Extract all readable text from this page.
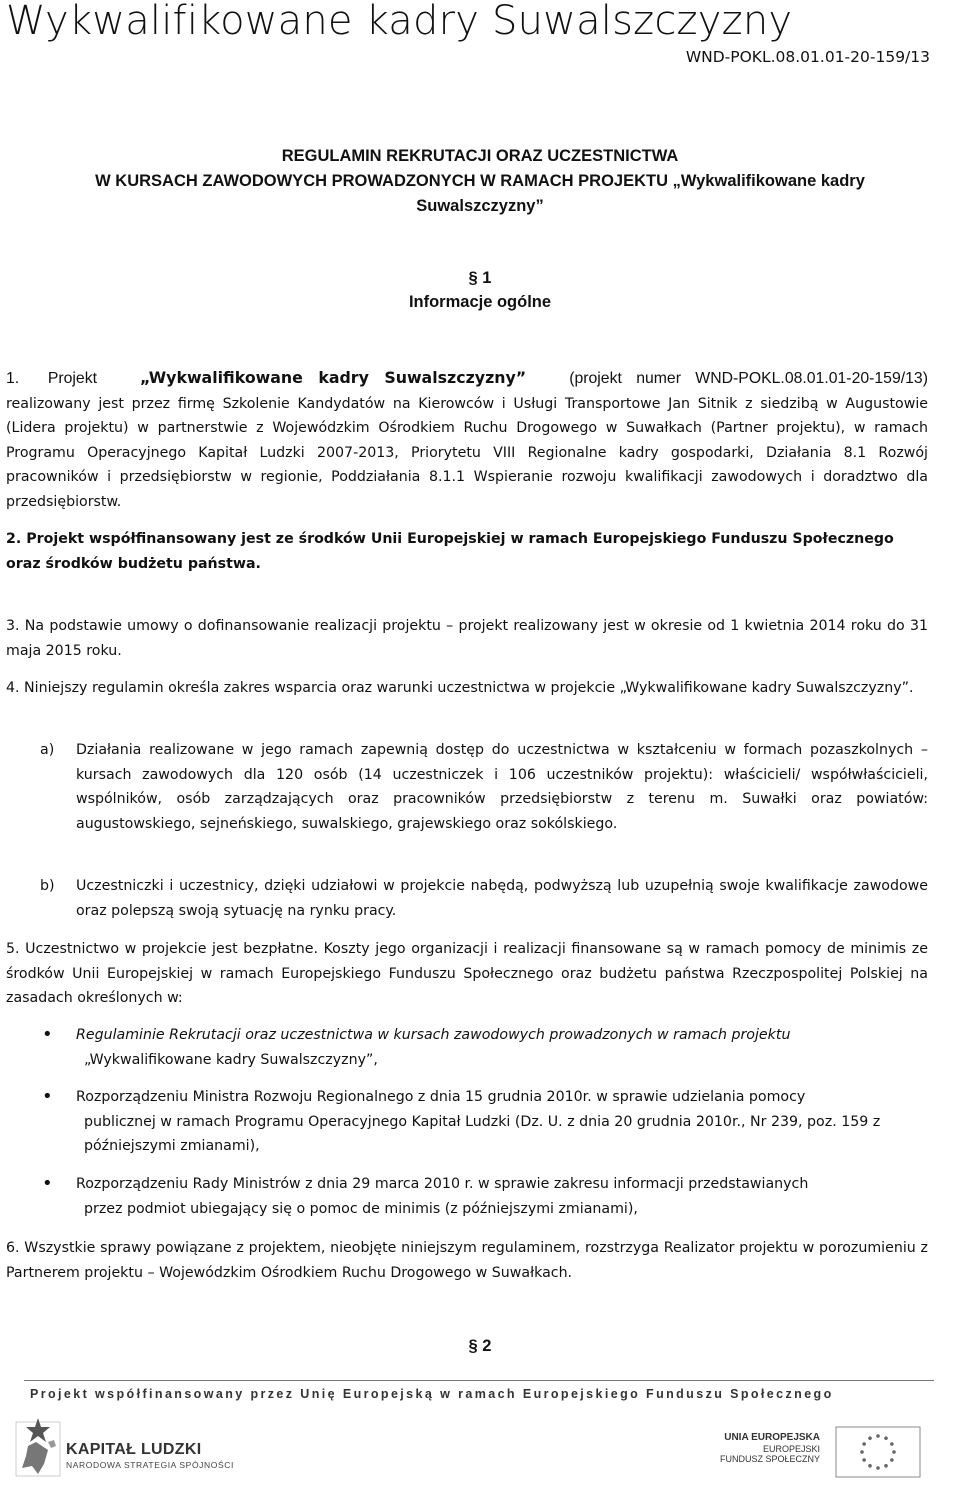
Wykwalifikowane kadry Suwalszczyzny
WND-POKL.08.01.01-20-159/13
REGULAMIN REKRUTACJI ORAZ UCZESTNICTWA
W KURSACH ZAWODOWYCH PROWADZONYCH W RAMACH PROJEKTU „Wykwalifikowane kadry
Suwalszczyzny”
§ 1
Informacje ogólne
1. Projekt	„Wykwalifikowane kadry Suwalszczyzny”	(projekt numer WND-POKL.08.01.01-20-159/13)
realizowany jest przez firmę Szkolenie Kandydatów na Kierowców i Usługi Transportowe Jan Sitnik z siedzibą w Augustowie (Lidera projektu) w partnerstwie z Wojewódzkim Ośrodkiem Ruchu Drogowego w Suwałkach (Partner projektu), w ramach Programu Operacyjnego Kapitał Ludzki 2007-2013, Priorytetu VIII Regionalne kadry gospodarki, Działania 8.1 Rozwój pracowników i przedsiębiorstw w regionie, Poddziałania 8.1.1 Wspieranie rozwoju kwalifikacji zawodowych i doradztwo dla przedsiębiorstw.
2. Projekt współfinansowany jest ze środków Unii Europejskiej w ramach Europejskiego Funduszu Społecznego
oraz środków budżetu państwa.
3. Na podstawie umowy o dofinansowanie realizacji projektu – projekt realizowany jest w okresie od 1 kwietnia 2014 roku do 31 maja 2015 roku.
4. Niniejszy regulamin określa zakres wsparcia oraz warunki uczestnictwa w projekcie „Wykwalifikowane kadry Suwalszczyzny”.
a) Działania realizowane w jego ramach zapewnią dostęp do uczestnictwa w kształceniu w formach pozaszkolnych – kursach zawodowych dla 120 osób (14 uczestniczek i 106 uczestników projektu): właścicieli/ współwłaścicieli, wspólników, osób zarządzających oraz pracowników przedsiębiorstw z terenu m. Suwałki oraz powiatów: augustowskiego, sejneńskiego, suwalskiego, grajewskiego oraz sokólskiego.
b) Uczestniczki i uczestnicy, dzięki udziałowi w projekcie nabędą, podwyższą lub uzupełnią swoje kwalifikacje zawodowe oraz polepszą swoją sytuację na rynku pracy.
5. Uczestnictwo w projekcie jest bezpłatne. Koszty jego organizacji i realizacji finansowane są w ramach pomocy de minimis ze środków Unii Europejskiej w ramach Europejskiego Funduszu Społecznego oraz budżetu państwa Rzeczpospolitej Polskiej na zasadach określonych w:
• Regulaminie Rekrutacji oraz uczestnictwa w kursach zawodowych prowadzonych w ramach projektu
„Wykwalifikowane kadry Suwalszczyzny”,
• Rozporządzeniu Ministra Rozwoju Regionalnego z dnia 15 grudnia 2010r. w sprawie udzielania pomocy
publicznej w ramach Programu Operacyjnego Kapitał Ludzki (Dz. U. z dnia 20 grudnia 2010r., Nr 239, poz. 159 z późniejszymi zmianami),
• Rozporządzeniu Rady Ministrów z dnia 29 marca 2010 r. w sprawie zakresu informacji przedstawianych
przez podmiot ubiegający się o pomoc de minimis (z późniejszymi zmianami),
6. Wszystkie sprawy powiązane z projektem, nieobjęte niniejszym regulaminem, rozstrzyga Realizator projektu w porozumieniu z Partnerem projektu – Wojewódzkim Ośrodkiem Ruchu Drogowego w Suwałkach.
§ 2
Projekt współfinansowany przez Unię Europejską w ramach Europejskiego Funduszu Społecznego
KAPITAŁ LUDZKI
NARODOWA STRATEGIA SPÓJNOŚCI
UNIA EUROPEJSKA
EUROPEJSKI
FUNDUSZ SPOŁECZNY
